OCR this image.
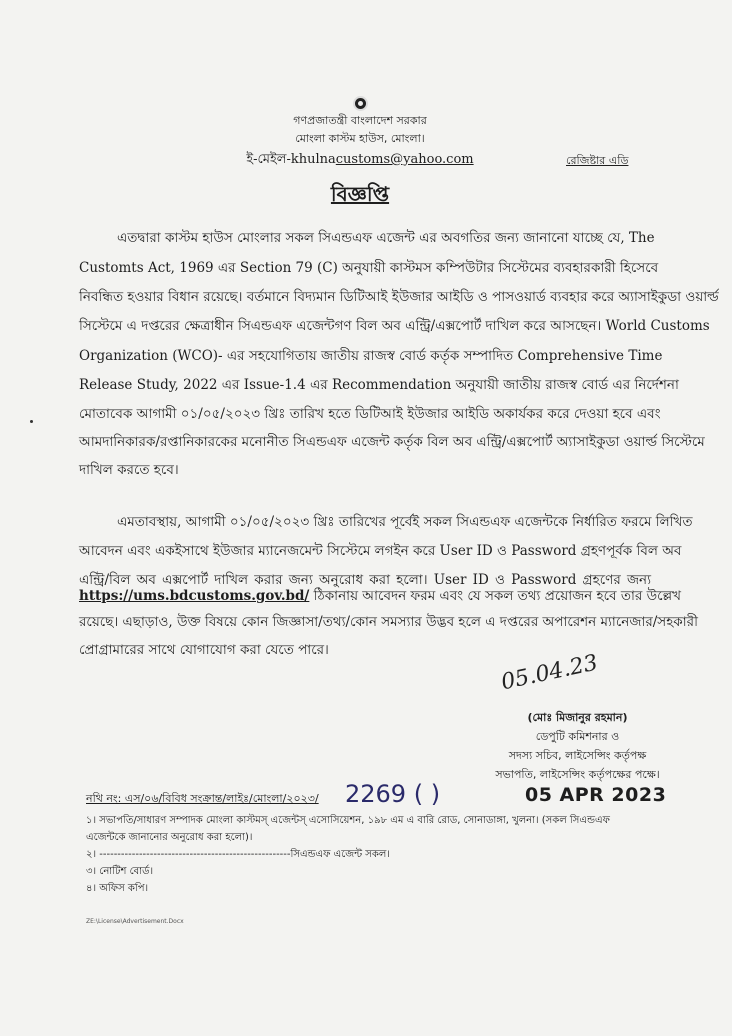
গণপ্রজাতন্ত্রী বাংলাদেশ সরকার
মোংলা কাস্টম হাউস, মোংলা।
ই-মেইল-khulnacustoms@yahoo.com	রেজিষ্টার এডি
বিজ্ঞপ্তি
এতদ্বারা কাস্টম হাউস মোংলার সকল সিএন্ডএফ এজেন্ট এর অবগতির জন্য জানানো যাচ্ছে যে, The
Customts Act, 1969 এর Section 79 (C) অনুযায়ী কাস্টমস কম্পিউটার সিস্টেমের ব্যবহারকারী হিসেবে
নিবন্ধিত হওয়ার বিধান রয়েছে। বর্তমানে বিদ্যমান ডিটিআই ইউজার আইডি ও পাসওয়ার্ড ব্যবহার করে অ্যাসাইকুডা ওয়ার্ল্ড
সিস্টেমে এ দপ্তরের ক্ষেত্রাধীন সিএন্ডএফ এজেন্টগণ বিল অব এন্ট্রি/এক্সপোর্ট দাখিল করে আসছেন। World Customs
Organization (WCO)- এর সহযোগিতায় জাতীয় রাজস্ব বোর্ড কর্তৃক সম্পাদিত Comprehensive Time
Release Study, 2022 এর Issue-1.4 এর Recommendation অনুযায়ী জাতীয় রাজস্ব বোর্ড এর নির্দেশনা
মোতাবেক আগামী ০১/০৫/২০২৩ খ্রিঃ তারিখ হতে ডিটিআই ইউজার আইডি অকার্যকর করে দেওয়া হবে এবং
আমদানিকারক/রপ্তানিকারকের মনোনীত সিএন্ডএফ এজেন্ট কর্তৃক বিল অব এন্ট্রি/এক্সপোর্ট অ্যাসাইকুডা ওয়ার্ল্ড সিস্টেমে
দাখিল করতে হবে।
এমতাবস্থায়, আগামী ০১/০৫/২০২৩ খ্রিঃ তারিখের পূর্বেই সকল সিএন্ডএফ এজেন্টকে নির্ধারিত ফরমে লিখিত
আবেদন এবং একইসাথে ইউজার ম্যানেজমেন্ট সিস্টেমে লগইন করে User ID ও Password গ্রহণপূর্বক বিল অব
এন্ট্রি/বিল অব এক্সপোর্ট দাখিল করার জন্য অনুরোধ করা হলো। User ID ও Password গ্রহণের জন্য
https://ums.bdcustoms.gov.bd/ ঠিকানায় আবেদন ফরম এবং যে সকল তথ্য প্রয়োজন হবে তার উল্লেখ
রয়েছে। এছাড়াও, উক্ত বিষয়ে কোন জিজ্ঞাসা/তথ্য/কোন সমস্যার উদ্ভব হলে এ দপ্তরের অপারেশন ম্যানেজার/সহকারী
প্রোগ্রামারের সাথে যোগাযোগ করা যেতে পারে।
05.04.23
(মোঃ মিজানুর রহমান)
ডেপুটি কমিশনার ও
সদস্য সচিব, লাইসেন্সিং কর্তৃপক্ষ
সভাপতি, লাইসেন্সিং কর্তৃপক্ষের পক্ষে।
নথি নং: এস/০৬/বিবিধ সংক্রান্ত/লাইঃ/মোংলা/২০২৩/ 2269 ( )	05 APR 2023
১। সভাপতি/সাধারণ সম্পাদক মোংলা কাস্টমস্ এজেন্টস্ এসোসিয়েশন, ১৯৮ এম এ বারি রোড, সোনাডাঙ্গা, খুলনা। (সকল সিএন্ডএফ এজেন্টকে জানানোর অনুরোধ করা হলো)।
২। -----------------------------------------------------সিএন্ডএফ এজেন্ট সকল।
৩। নোটিশ বোর্ড।
৪। অফিস কপি।
ZE:\License\Advertisement.Docx
